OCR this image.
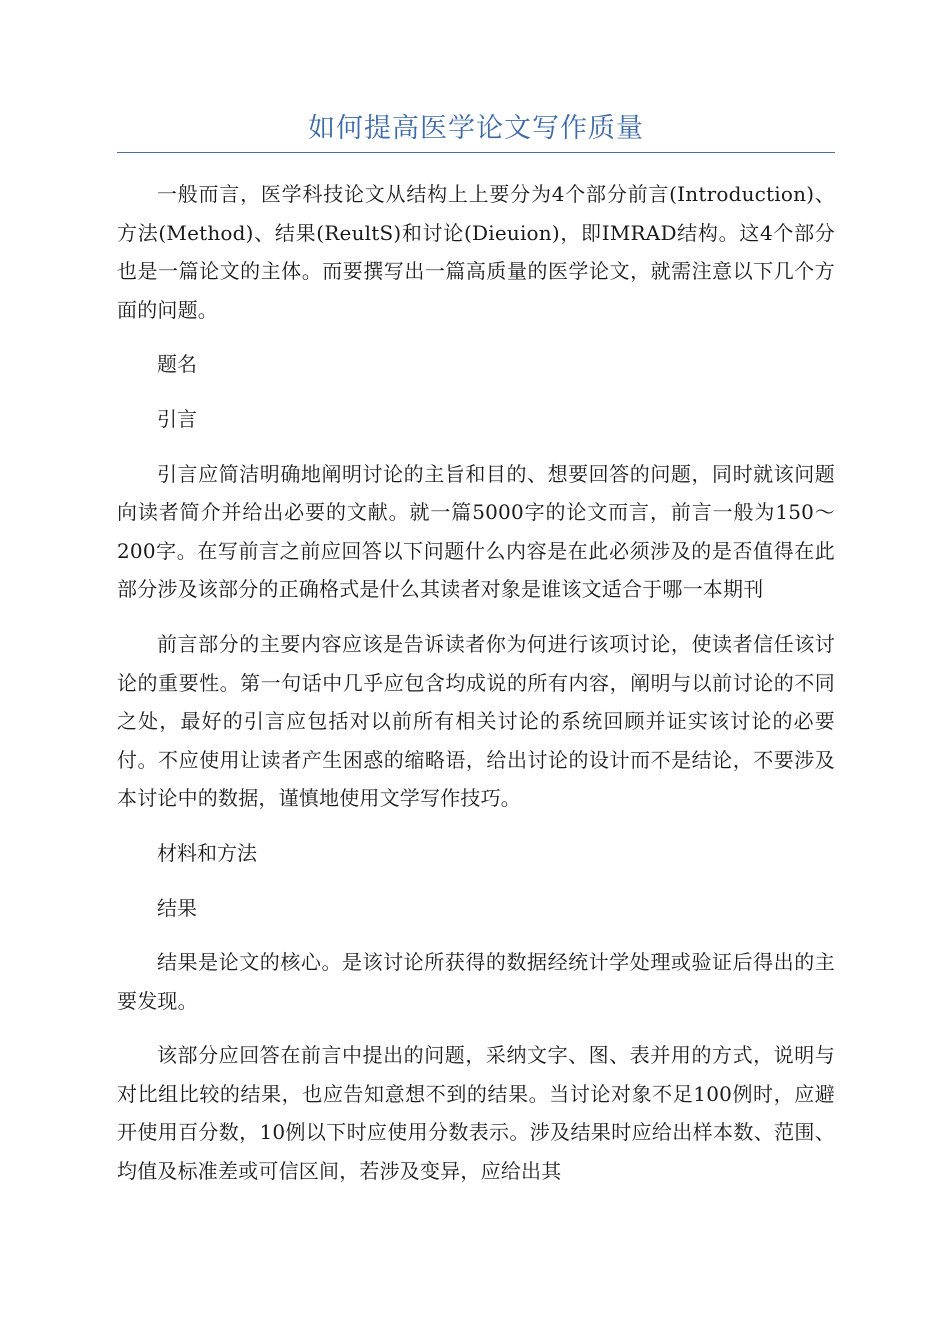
如何提高医学论文写作质量

一般而言，医学科技论文从结构上上要分为4个部分前言(Introduction)、方法(Method)、结果(ReultS)和讨论(Dieuion)，即IMRAD结构。这4个部分也是一篇论文的主体。而要撰写出一篇高质量的医学论文，就需注意以下几个方面的问题。

题名

引言

引言应简洁明确地阐明讨论的主旨和目的、想要回答的问题，同时就该问题向读者简介并给出必要的文献。就一篇5000字的论文而言，前言一般为150～200字。在写前言之前应回答以下问题什么内容是在此必须涉及的是否值得在此部分涉及该部分的正确格式是什么其读者对象是谁该文适合于哪一本期刊

前言部分的主要内容应该是告诉读者你为何进行该项讨论，使读者信任该讨论的重要性。第一句话中几乎应包含均成说的所有内容，阐明与以前讨论的不同之处，最好的引言应包括对以前所有相关讨论的系统回顾并证实该讨论的必要付。不应使用让读者产生困惑的缩略语，给出讨论的设计而不是结论，不要涉及本讨论中的数据，谨慎地使用文学写作技巧。

材料和方法

结果

结果是论文的核心。是该讨论所获得的数据经统计学处理或验证后得出的主要发现。

该部分应回答在前言中提出的问题，采纳文字、图、表并用的方式，说明与对比组比较的结果，也应告知意想不到的结果。当讨论对象不足100例时，应避开使用百分数，10例以下时应使用分数表示。涉及结果时应给出样本数、范围、均值及标准差或可信区间，若涉及变异，应给出其
